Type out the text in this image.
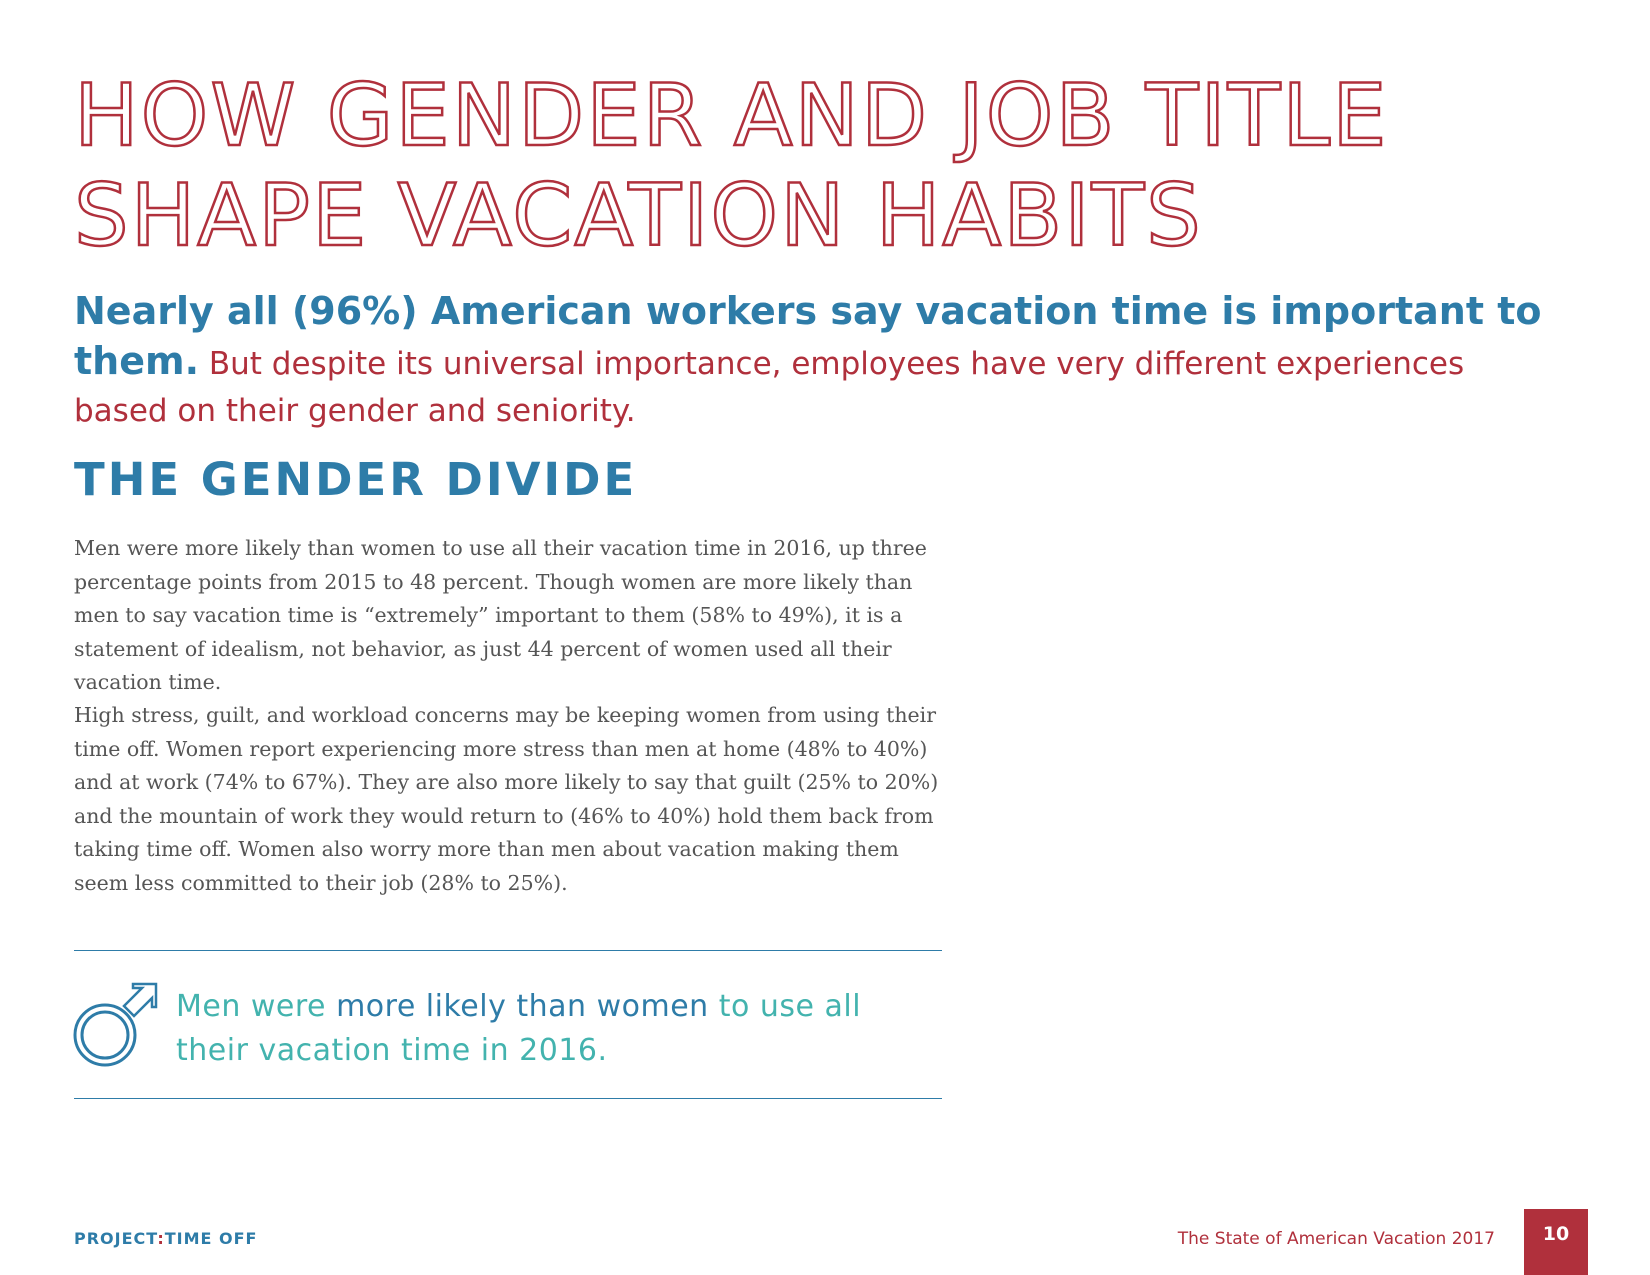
HOW GENDER AND JOB TITLE
SHAPE VACATION HABITS

Nearly all (96%) American workers say vacation time is important to them. But despite its universal importance, employees have very different experiences based on their gender and seniority.

THE GENDER DIVIDE

Men were more likely than women to use all their vacation time in 2016, up three percentage points from 2015 to 48 percent. Though women are more likely than men to say vacation time is “extremely” important to them (58% to 49%), it is a statement of idealism, not behavior, as just 44 percent of women used all their vacation time.

High stress, guilt, and workload concerns may be keeping women from using their time off. Women report experiencing more stress than men at home (48% to 40%) and at work (74% to 67%). They are also more likely to say that guilt (25% to 20%) and the mountain of work they would return to (46% to 40%) hold them back from taking time off. Women also worry more than men about vacation making them seem less committed to their job (28% to 25%).

Men were more likely than women to use all their vacation time in 2016.

PROJECT:TIME OFF	The State of American Vacation 2017	10
